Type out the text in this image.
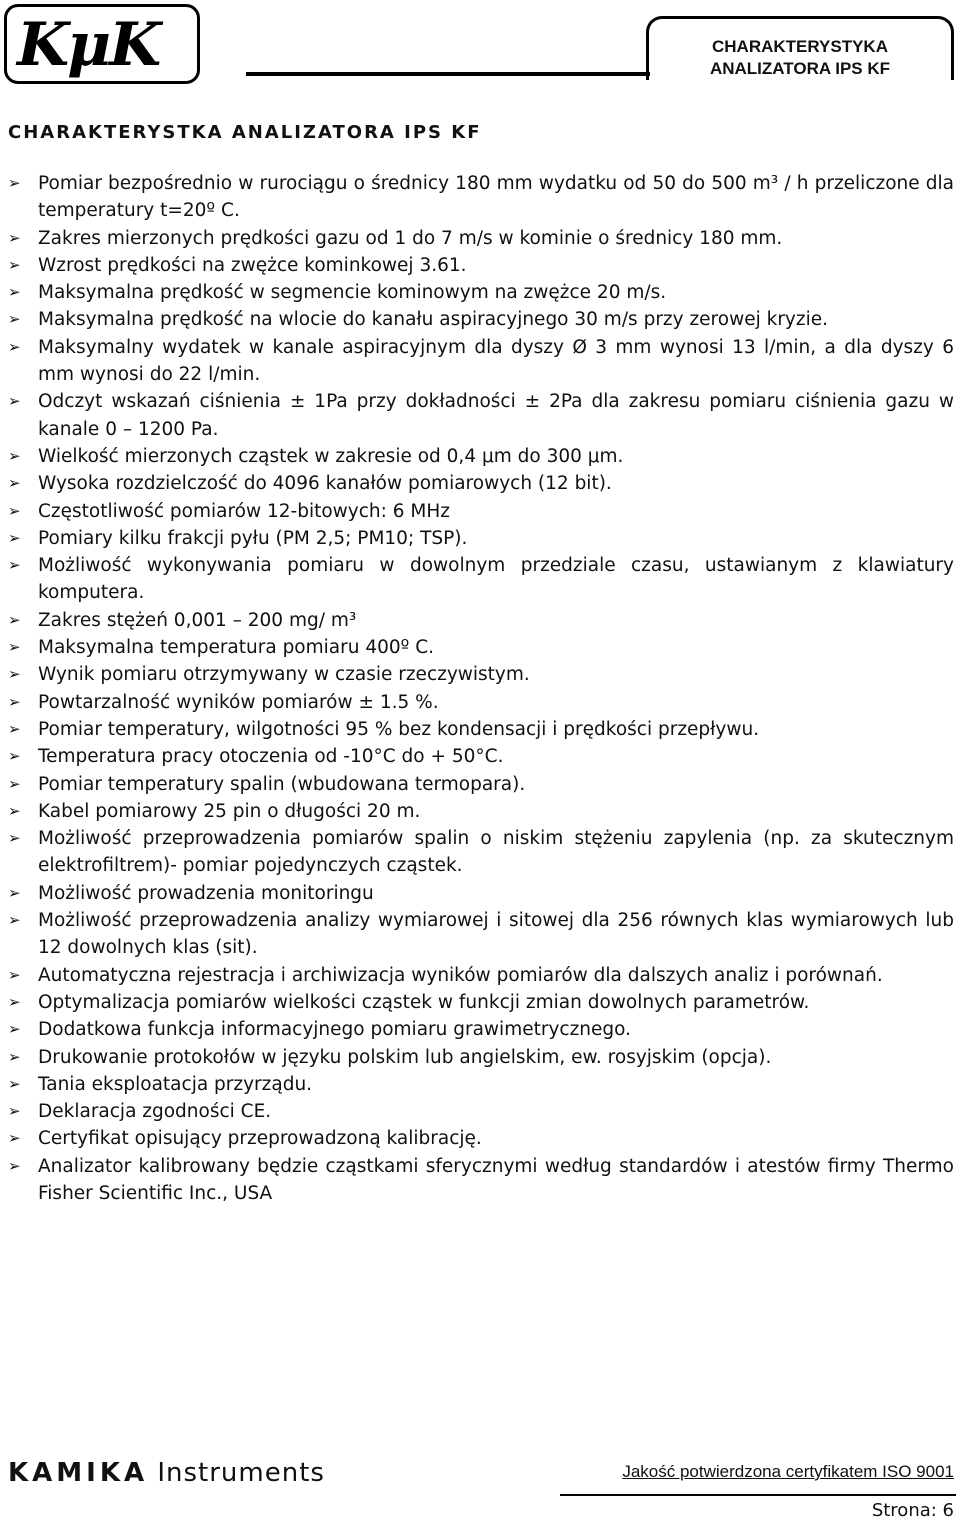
KμK	CHARAKTERYSTYKA
ANALIZATORA IPS KF
CHARAKTERYSTKA ANALIZATORA IPS KF
➢ Pomiar bezpośrednio w rurociągu o średnicy 180 mm wydatku od 50 do 500 m³ / h przeliczone dla temperatury t=20º C.
➢ Zakres mierzonych prędkości gazu od 1 do 7 m/s w kominie o średnicy 180 mm.
➢ Wzrost prędkości na zwężce kominkowej 3.61.
➢ Maksymalna prędkość w segmencie kominowym na zwężce 20 m/s.
➢ Maksymalna prędkość na wlocie do kanału aspiracyjnego 30 m/s przy zerowej kryzie.
➢ Maksymalny wydatek w kanale aspiracyjnym dla dyszy Ø 3 mm wynosi 13 l/min, a dla dyszy 6 mm wynosi do 22 l/min.
➢ Odczyt wskazań ciśnienia ± 1Pa przy dokładności ± 2Pa dla zakresu pomiaru ciśnienia gazu w kanale 0 – 1200 Pa.
➢ Wielkość mierzonych cząstek w zakresie od 0,4 μm do 300 μm.
➢ Wysoka rozdzielczość do 4096 kanałów pomiarowych (12 bit).
➢ Częstotliwość pomiarów 12-bitowych: 6 MHz
➢ Pomiary kilku frakcji pyłu (PM 2,5; PM10; TSP).
➢ Możliwość wykonywania pomiaru w dowolnym przedziale czasu, ustawianym z klawiatury komputera.
➢ Zakres stężeń 0,001 – 200 mg/ m³
➢ Maksymalna temperatura pomiaru 400º C.
➢ Wynik pomiaru otrzymywany w czasie rzeczywistym.
➢ Powtarzalność wyników pomiarów ± 1.5 %.
➢ Pomiar temperatury, wilgotności 95 % bez kondensacji i prędkości przepływu.
➢ Temperatura pracy otoczenia od -10°C do + 50°C.
➢ Pomiar temperatury spalin (wbudowana termopara).
➢ Kabel pomiarowy 25 pin o długości 20 m.
➢ Możliwość przeprowadzenia pomiarów spalin o niskim stężeniu zapylenia (np. za skutecznym elektrofiltrem)- pomiar pojedynczych cząstek.
➢ Możliwość prowadzenia monitoringu
➢ Możliwość przeprowadzenia analizy wymiarowej i sitowej dla 256 równych klas wymiarowych lub 12 dowolnych klas (sit).
➢ Automatyczna rejestracja i archiwizacja wyników pomiarów dla dalszych analiz i porównań.
➢ Optymalizacja pomiarów wielkości cząstek w funkcji zmian dowolnych parametrów.
➢ Dodatkowa funkcja informacyjnego pomiaru grawimetrycznego.
➢ Drukowanie protokołów w języku polskim lub angielskim, ew. rosyjskim (opcja).
➢ Tania eksploatacja przyrządu.
➢ Deklaracja zgodności CE.
➢ Certyfikat opisujący przeprowadzoną kalibrację.
➢ Analizator kalibrowany będzie cząstkami sferycznymi według standardów i atestów firmy Thermo Fisher Scientific Inc., USA
KAMIKA Instruments	Jakość potwierdzona certyfikatem ISO 9001
Strona: 6
